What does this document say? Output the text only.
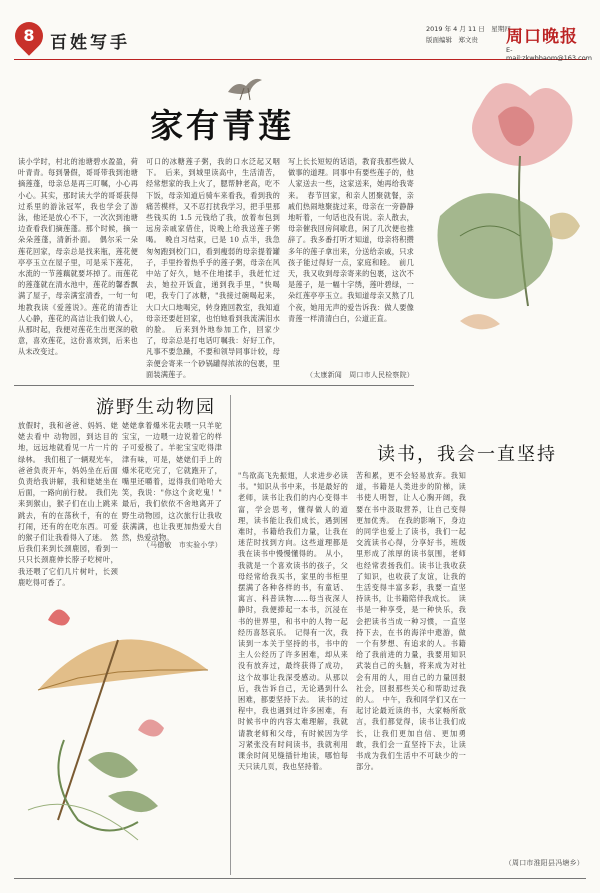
8 百姓写手
2019 年 4 月 11 日　星期四
版面编辑　郑文贵	周口晚报
E-mail:zkwbbaom@163.com
家有青莲
读小学时，村北的池塘碧水盈盈，荷叶青青。每到暑假，哥哥带我到池塘摘莲蓬，母亲总是再三叮嘱，小心再小心。其实，那时读大学的哥哥获得过系里的游泳冠军，我也学会了游泳，他还是放心不下，一次次到池塘边查看我们摘莲蓬。那个时候，摘一朵朵莲蓬，清新扑面。　偶尔采一朵莲花回家，母亲总是找来瓶，莲花便亭亭玉立在屋子里，可是采下莲花，水流的一节莲藕就要坏掉了。而莲花的莲蓬就在清水池中，莲花的馨香飘满了屋子，母亲满室清香，一句一句地教我读《爱莲说》。莲花的清香让人心静，莲花的高洁让我们做人心，从那时起，我便对莲花生出更深的敬意，喜欢莲花，这份喜欢到，后来也从未改变过。
可口的冰糖莲子粥，我的口水泛起又咽下。　后来，到城里读高中，生活清苦，经常想家的我上火了，腮帮肿老高，吃不下饭，母亲知道后骑车来看我，看到我的痛苦模样，又不忍打扰我学习，把手里那些钱买的 1.5 元钱给了我，放着布包到远房亲戚家借住，说晚上给我送莲子粥喝。　晚自习结束，已是 10 点半，我急匆匆跑到校门口，看到瘦弱的母亲提着罐子，手里拎着热乎乎的莲子粥，母亲在风中站了好久，她不住地揉手，我赶忙过去，她拉开饭盒，递到我手里，"快喝吧，我专门了冰糖，"我接过碗喝起来，大口大口地喝完，转身跑回教室，我知道母亲还要赶回家，也怕她看到我流满泪水的脸。　后来到外地参加工作，回家少了，母亲总是打电话叮嘱我：好好工作，凡事不要急躁，不要和领导同事计较，母亲便会寄来一个砂锅罐得浓浓的包裹，里面装满莲子。
写上长长短短的话语，教育我那些做人做事的道理。同事中有要些莲子的，他人家送去一些，这家送来，她再给我寄来。　春节回家，和亲人团聚就餐，亲戚们热闹地聚拢过来，母亲在一旁静静地听着，一句话也没有说。亲人散去，母亲催我回房间歇息，闲了几次便也推辞了。我多番打听才知道，母亲将积攒多年的莲子拿出来，分送给亲戚，只求孩子能过得好一点，家庭和睦。　前几天，我又收到母亲寄来的包裹，这次不是莲子，是一幅十字绣，莲叶碧绿，一朵红莲亭亭玉立。我知道母亲又熬了几个夜，她用无声的爱告诉我：做人要像青莲一样清清白白，公道正直。
（太康新闻　周口市人民检察院）
游野生动物园
放假时，我和爸爸、妈妈、姥姥去看中 动物园，到达目的地，远远地就看见一片一片的绿林。　我们租了一辆观光车，爸爸负责开车，妈妈坐在后面负责给我讲解，我和姥姥坐在后面，一路向前行驶。　我们先来到猴山，猴子们在山上跳来跳去，有的在荡秋千，有的在打闹，还有的在吃东西。可爱的猴子们让我看得入了迷。　然后我们来到长颈鹿园，看到一只只长颈鹿伸长脖子吃树叶，我还喂了它们几片树叶，长颈鹿吃得可香了。
姥姥拿着爆米花去喂一只羊驼宝宝，一边喂一边说着它的样子可爱极了。羊驼宝宝吃得津津有味，可是，姥姥们手上的爆米花吃完了，它就跑开了，嘴里还嚼着，逗得我们哈哈大笑，我说："你这个贪吃鬼！"　最后，我们依依不舍地离开了野生动物园，这次旅行让我收获满满，也让我更加热爱大自然，热爱动物。
（马德敏　市实验小学）
读书，我会一直坚持
"鸟欲高飞先振翅，人求进步必读书。"知识从书中来，书是最好的老师，读书让我们的内心变得丰富，学会思考，懂得做人的道理，读书能让我们成长，遇到困难时，书籍给我们力量，让我在迷茫时找到方向。这些道理都是我在读书中慢慢懂得的。　从小，我就是一个喜欢读书的孩子，父母经常给我买书，家里的书柜里摆满了各种各样的书，有童话、寓言、科普读物……每当夜深人静时，我便捧起一本书，沉浸在书的世界里，和书中的人物一起经历喜怒哀乐。　记得有一次，我读到一本关于坚持的书，书中的主人公经历了许多困难，却从来没有放弃过，最终获得了成功，这个故事让我深受感动。从那以后，我告诉自己，无论遇到什么困难，都要坚持下去。　读书的过程中，我也遇到过许多困难，有时候书中的内容太难理解，我就请教老师和父母，有时候因为学习紧张没有时间读书，我就利用课余时间见缝插针地读，哪怕每天只读几页，我也坚持着。
苦和累，更不会轻易放弃。我知道，书籍是人类进步的阶梯，读书使人明智，让人心胸开阔，我要在书中汲取营养，让自己变得更加优秀。　在我的影响下，身边的同学也爱上了读书，我们一起交流读书心得，分享好书，班级里形成了浓厚的读书氛围，老师也经常表扬我们。读书让我收获了知识，也收获了友谊，让我的生活变得丰富多彩，我要一直坚持读书，让书籍陪伴我成长。　读书是一种享受，是一种快乐，我会把读书当成一种习惯，一直坚持下去，在书的海洋中遨游，做一个有梦想、有追求的人。书籍给了我前进的力量，我要用知识武装自己的头脑，将来成为对社会有用的人，用自己的力量回报社会，回报那些关心和帮助过我的人。　中午，我和同学们又在一起讨论最近读的书，大家畅所欲言，我们都觉得，读书让我们成长，让我们更加自信、更加勇敢，我们会一直坚持下去，让读书成为我们生活中不可缺少的一部分。
（周口市淮阳县冯塘乡）
